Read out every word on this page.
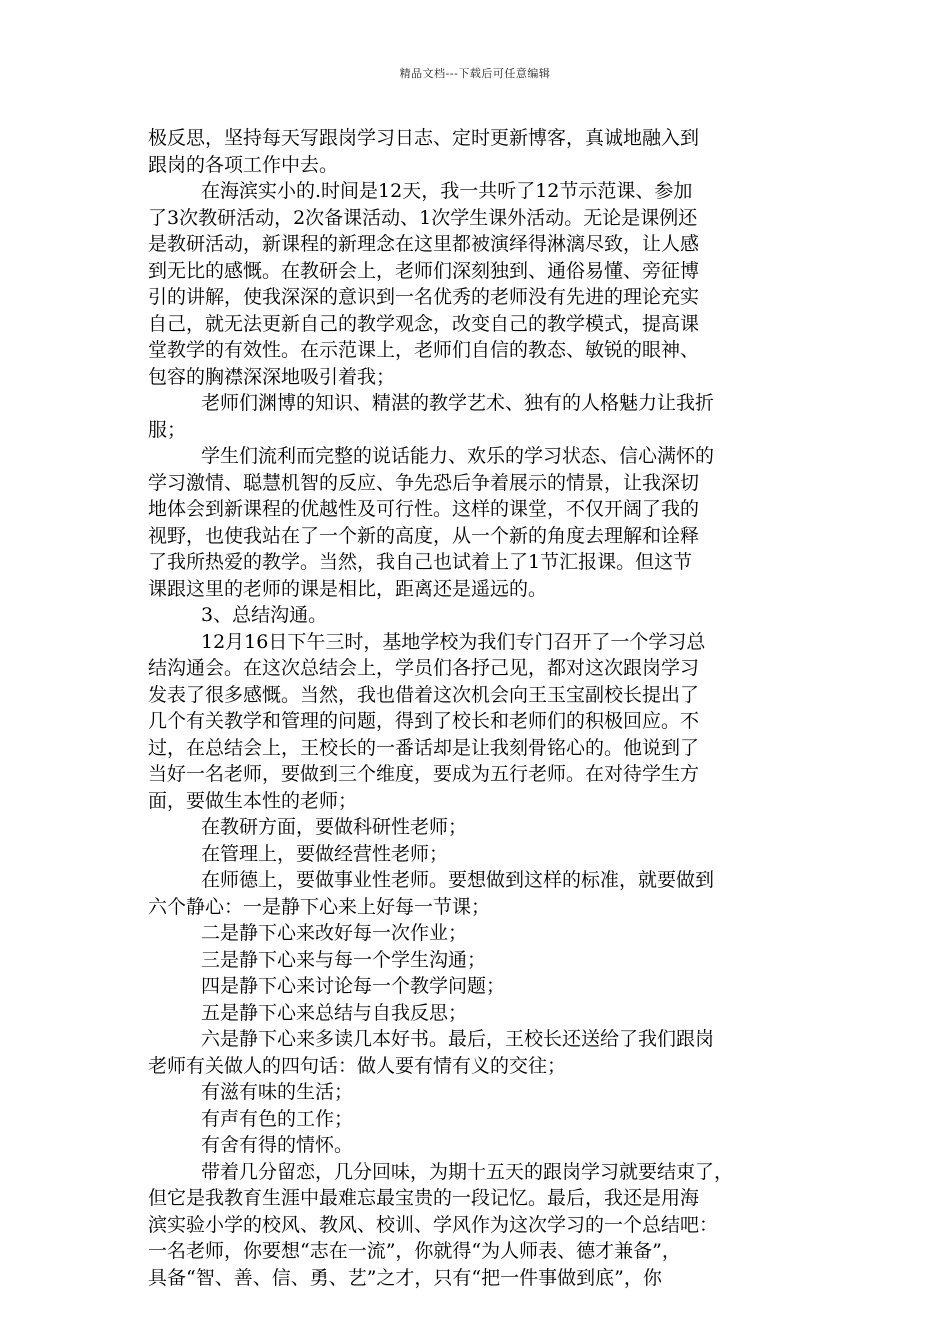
精品文档---下载后可任意编辑
极反思，坚持每天写跟岗学习日志、定时更新博客，真诚地融入到
跟岗的各项工作中去。
在海滨实小的.时间是12天，我一共听了12节示范课、参加
了3次教研活动，2次备课活动、1次学生课外活动。无论是课例还
是教研活动，新课程的新理念在这里都被演绎得淋漓尽致，让人感
到无比的感慨。在教研会上，老师们深刻独到、通俗易懂、旁征博
引的讲解，使我深深的意识到一名优秀的老师没有先进的理论充实
自己，就无法更新自己的教学观念，改变自己的教学模式，提高课
堂教学的有效性。在示范课上，老师们自信的教态、敏锐的眼神、
包容的胸襟深深地吸引着我；
老师们渊博的知识、精湛的教学艺术、独有的人格魅力让我折
服；
学生们流利而完整的说话能力、欢乐的学习状态、信心满怀的
学习激情、聪慧机智的反应、争先恐后争着展示的情景，让我深切
地体会到新课程的优越性及可行性。这样的课堂，不仅开阔了我的
视野，也使我站在了一个新的高度，从一个新的角度去理解和诠释
了我所热爱的教学。当然，我自己也试着上了1节汇报课。但这节
课跟这里的老师的课是相比，距离还是遥远的。
3、总结沟通。
12月16日下午三时，基地学校为我们专门召开了一个学习总
结沟通会。在这次总结会上，学员们各抒己见，都对这次跟岗学习
发表了很多感慨。当然，我也借着这次机会向王玉宝副校长提出了
几个有关教学和管理的问题，得到了校长和老师们的积极回应。不
过，在总结会上，王校长的一番话却是让我刻骨铭心的。他说到了
当好一名老师，要做到三个维度，要成为五行老师。在对待学生方
面，要做生本性的老师；
在教研方面，要做科研性老师；
在管理上，要做经营性老师；
在师德上，要做事业性老师。要想做到这样的标准，就要做到
六个静心：一是静下心来上好每一节课；
二是静下心来改好每一次作业；
三是静下心来与每一个学生沟通；
四是静下心来讨论每一个教学问题；
五是静下心来总结与自我反思；
六是静下心来多读几本好书。最后，王校长还送给了我们跟岗
老师有关做人的四句话：做人要有情有义的交往；
有滋有味的生活；
有声有色的工作；
有舍有得的情怀。
带着几分留恋，几分回味，为期十五天的跟岗学习就要结束了，
但它是我教育生涯中最难忘最宝贵的一段记忆。最后，我还是用海
滨实验小学的校风、教风、校训、学风作为这次学习的一个总结吧：
一名老师，你要想“志在一流”，你就得“为人师表、德才兼备”，
具备“智、善、信、勇、艺”之才，只有“把一件事做到底”，你
